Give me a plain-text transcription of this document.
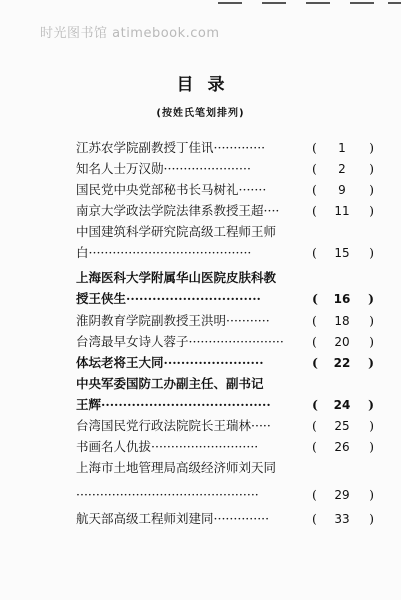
时光图书馆 atimebook.com
目录
(按姓氏笔划排列)
江苏农学院副教授丁佳讯·············	(	1	)
知名人士万汉勋······················	(	2	)
国民党中央党部秘书长马树礼·······	(	9	)
南京大学政法学院法律系教授王超····	(	11	)
中国建筑科学研究院高级工程师王师
白·········································	(	15	)
上海医科大学附属华山医院皮肤科教
授王侠生·······························	(	16	)
淮阴教育学院副教授王洪明···········	(	18	)
台湾最早女诗人蓉子························	(	20	)
体坛老将王大同·······················	(	22	)
中央军委国防工办副主任、副书记
王辉·······································	(	24	)
台湾国民党行政法院院长王瑞林·····	(	25	)
书画名人仇拔···························	(	26	)
上海市土地管理局高级经济师刘天同
··············································	(	29	)
航天部高级工程师刘建同··············	(	33	)
